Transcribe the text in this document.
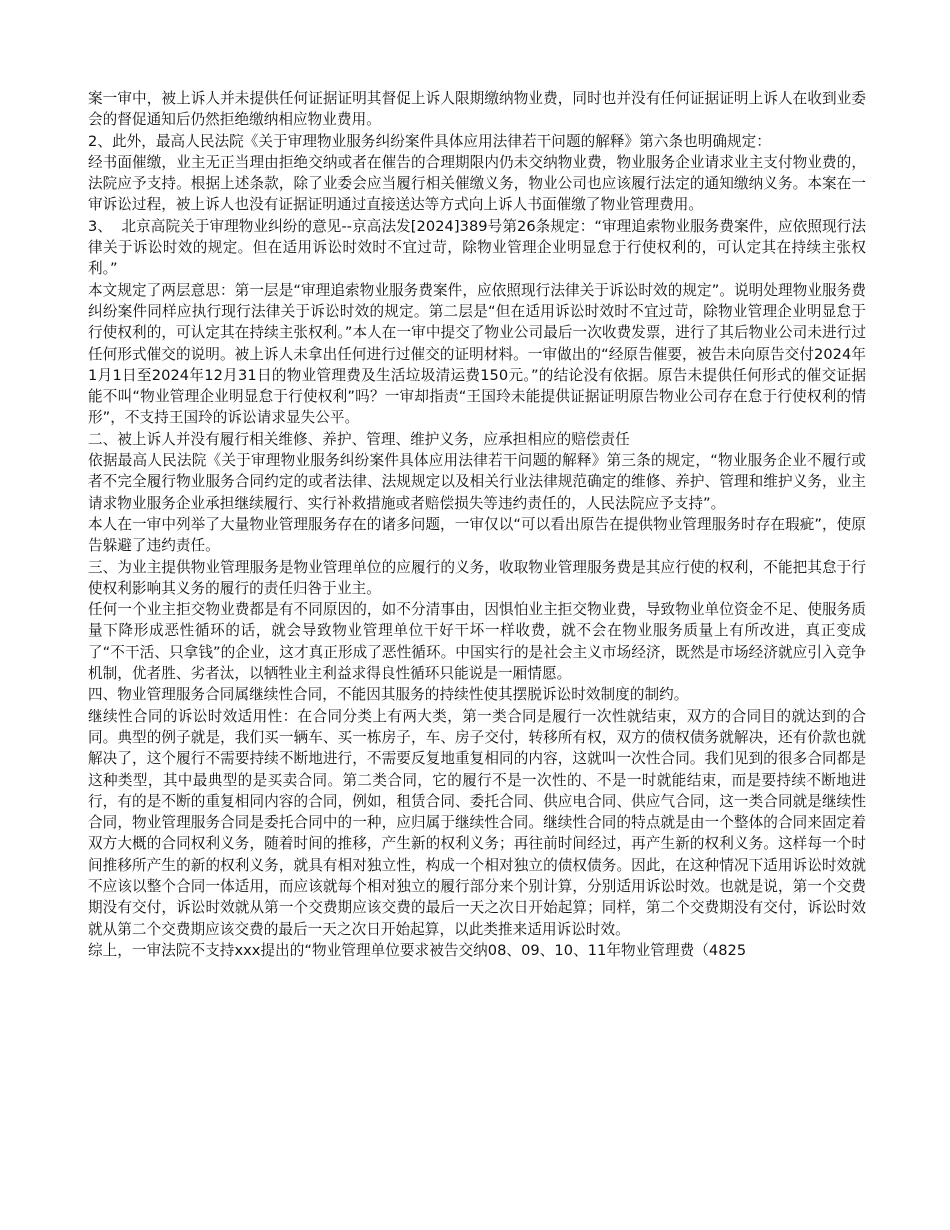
案一审中，被上诉人并未提供任何证据证明其督促上诉人限期缴纳物业费，同时也并没有任何证据证明上诉人在收到业委会的督促通知后仍然拒绝缴纳相应物业费用。

2、此外，最高人民法院《关于审理物业服务纠纷案件具体应用法律若干问题的解释》第六条也明确规定：

经书面催缴，业主无正当理由拒绝交纳或者在催告的合理期限内仍未交纳物业费，物业服务企业请求业主支付物业费的，法院应予支持。根据上述条款，除了业委会应当履行相关催缴义务，物业公司也应该履行法定的通知缴纳义务。本案在一审诉讼过程，被上诉人也没有证据证明通过直接送达等方式向上诉人书面催缴了物业管理费用。

3、  北京高院关于审理物业纠纷的意见--京高法发[2024]389号第26条规定：“审理追索物业服务费案件，应依照现行法律关于诉讼时效的规定。但在适用诉讼时效时不宜过苛，除物业管理企业明显怠于行使权利的，可认定其在持续主张权利。”

本文规定了两层意思：第一层是“审理追索物业服务费案件，应依照现行法律关于诉讼时效的规定”。说明处理物业服务费纠纷案件同样应执行现行法律关于诉讼时效的规定。第二层是“但在适用诉讼时效时不宜过苛，除物业管理企业明显怠于行使权利的，可认定其在持续主张权利。”本人在一审中提交了物业公司最后一次收费发票，进行了其后物业公司未进行过任何形式催交的说明。被上诉人未拿出任何进行过催交的证明材料。一审做出的“经原告催要，被告未向原告交付2024年1月1日至2024年12月31日的物业管理费及生活垃圾清运费150元。”的结论没有依据。原告未提供任何形式的催交证据能不叫“物业管理企业明显怠于行使权利”吗？一审却指责“王国玲未能提供证据证明原告物业公司存在怠于行使权利的情形”，不支持王国玲的诉讼请求显失公平。

二、被上诉人并没有履行相关维修、养护、管理、维护义务，应承担相应的赔偿责任

依据最高人民法院《关于审理物业服务纠纷案件具体应用法律若干问题的解释》第三条的规定，“物业服务企业不履行或者不完全履行物业服务合同约定的或者法律、法规规定以及相关行业法律规范确定的维修、养护、管理和维护义务，业主请求物业服务企业承担继续履行、实行补救措施或者赔偿损失等违约责任的，人民法院应予支持”。

本人在一审中列举了大量物业管理服务存在的诸多问题，一审仅以“可以看出原告在提供物业管理服务时存在瑕疵”，使原告躲避了违约责任。

三、为业主提供物业管理服务是物业管理单位的应履行的义务，收取物业管理服务费是其应行使的权利，不能把其怠于行使权利影响其义务的履行的责任归咎于业主。

任何一个业主拒交物业费都是有不同原因的，如不分清事由，因惧怕业主拒交物业费，导致物业单位资金不足、使服务质量下降形成恶性循环的话，就会导致物业管理单位干好干坏一样收费，就不会在物业服务质量上有所改进，真正变成了“不干活、只拿钱”的企业，这才真正形成了恶性循环。中国实行的是社会主义市场经济，既然是市场经济就应引入竞争机制，优者胜、劣者汰，以牺牲业主利益求得良性循环只能说是一厢情愿。

四、物业管理服务合同属继续性合同，不能因其服务的持续性使其摆脱诉讼时效制度的制约。

继续性合同的诉讼时效适用性：在合同分类上有两大类，第一类合同是履行一次性就结束，双方的合同目的就达到的合同。典型的例子就是，我们买一辆车、买一栋房子，车、房子交付，转移所有权，双方的债权债务就解决，还有价款也就解决了，这个履行不需要持续不断地进行，不需要反复地重复相同的内容，这就叫一次性合同。我们见到的很多合同都是这种类型，其中最典型的是买卖合同。第二类合同，它的履行不是一次性的、不是一时就能结束，而是要持续不断地进行，有的是不断的重复相同内容的合同，例如，租赁合同、委托合同、供应电合同、供应气合同，这一类合同就是继续性合同，物业管理服务合同是委托合同中的一种，应归属于继续性合同。继续性合同的特点就是由一个整体的合同来固定着双方大概的合同权利义务，随着时间的推移，产生新的权利义务；再往前时间经过，再产生新的权利义务。这样每一个时间推移所产生的新的权利义务，就具有相对独立性，构成一个相对独立的债权债务。因此，在这种情况下适用诉讼时效就不应该以整个合同一体适用，而应该就每个相对独立的履行部分来个别计算，分别适用诉讼时效。也就是说，第一个交费期没有交付，诉讼时效就从第一个交费期应该交费的最后一天之次日开始起算；同样，第二个交费期没有交付，诉讼时效就从第二个交费期应该交费的最后一天之次日开始起算，以此类推来适用诉讼时效。

综上，一审法院不支持xxx提出的“物业管理单位要求被告交纳08、09、10、11年物业管理费（4825
